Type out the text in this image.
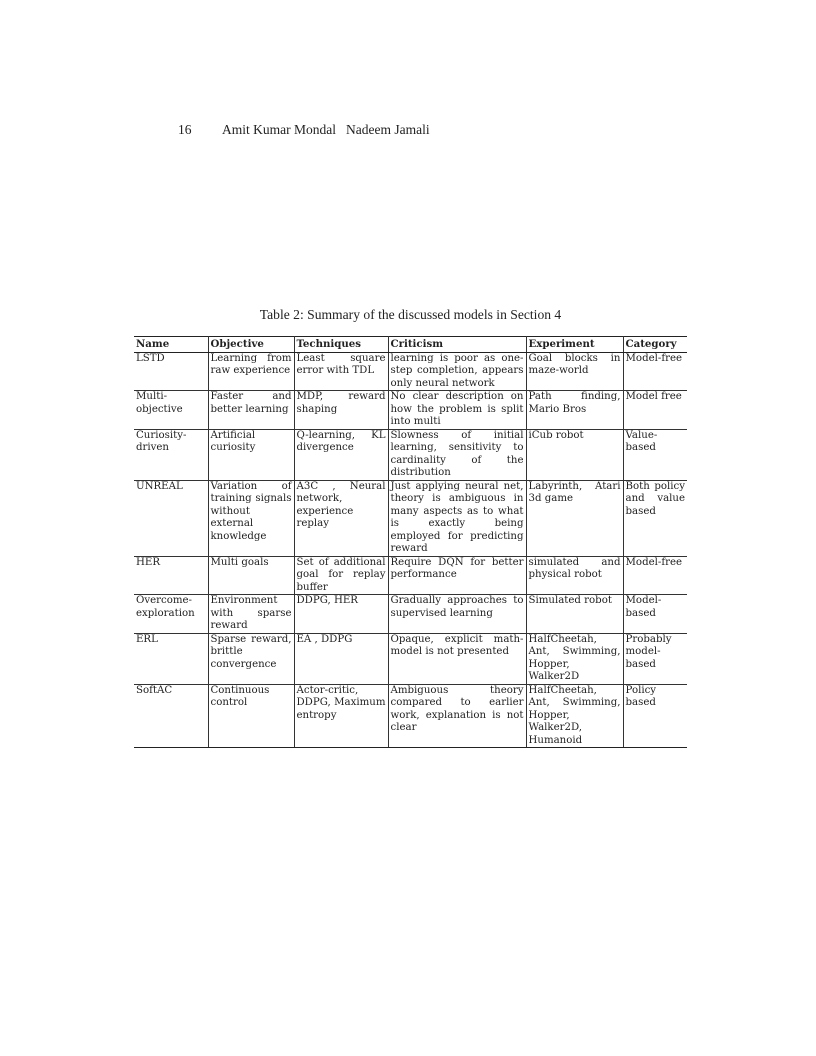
16 Amit Kumar Mondal Nadeem Jamali
Table 2: Summary of the discussed models in Section 4
Name	Objective	Techniques	Criticism	Experiment	Category
LSTD	Learning from raw experience	Least square error with TDL	learning is poor as one-step completion, appears only neural network	Goal blocks in maze-world	Model-free
Multi-objective	Faster and better learning	MDP, reward shaping	No clear description on how the problem is split into multi	Path finding, Mario Bros	Model free
Curiosity-driven	Artificial curiosity	Q-learning, KL divergence	Slowness of initial learning, sensitivity to cardinality of the distribution	iCub robot	Value-based
UNREAL	Variation of training signals without external knowledge	A3C , Neural network, experience replay	Just applying neural net, theory is ambiguous in many aspects as to what is exactly being employed for predicting reward	Labyrinth, Atari 3d game	Both policy and value based
HER	Multi goals	Set of additional goal for replay buffer	Require DQN for better performance	simulated and physical robot	Model-free
Overcome-exploration	Environment with sparse reward	DDPG, HER	Gradually approaches to supervised learning	Simulated robot	Model-based
ERL	Sparse reward, brittle convergence	EA , DDPG	Opaque, explicit math-model is not presented	HalfCheetah, Ant, Swimming, Hopper, Walker2D	Probably model-based
SoftAC	Continuous control	Actor-critic, DDPG, Maximum entropy	Ambiguous theory compared to earlier work, explanation is not clear	HalfCheetah, Ant, Swimming, Hopper, Walker2D, Humanoid	Policy based
